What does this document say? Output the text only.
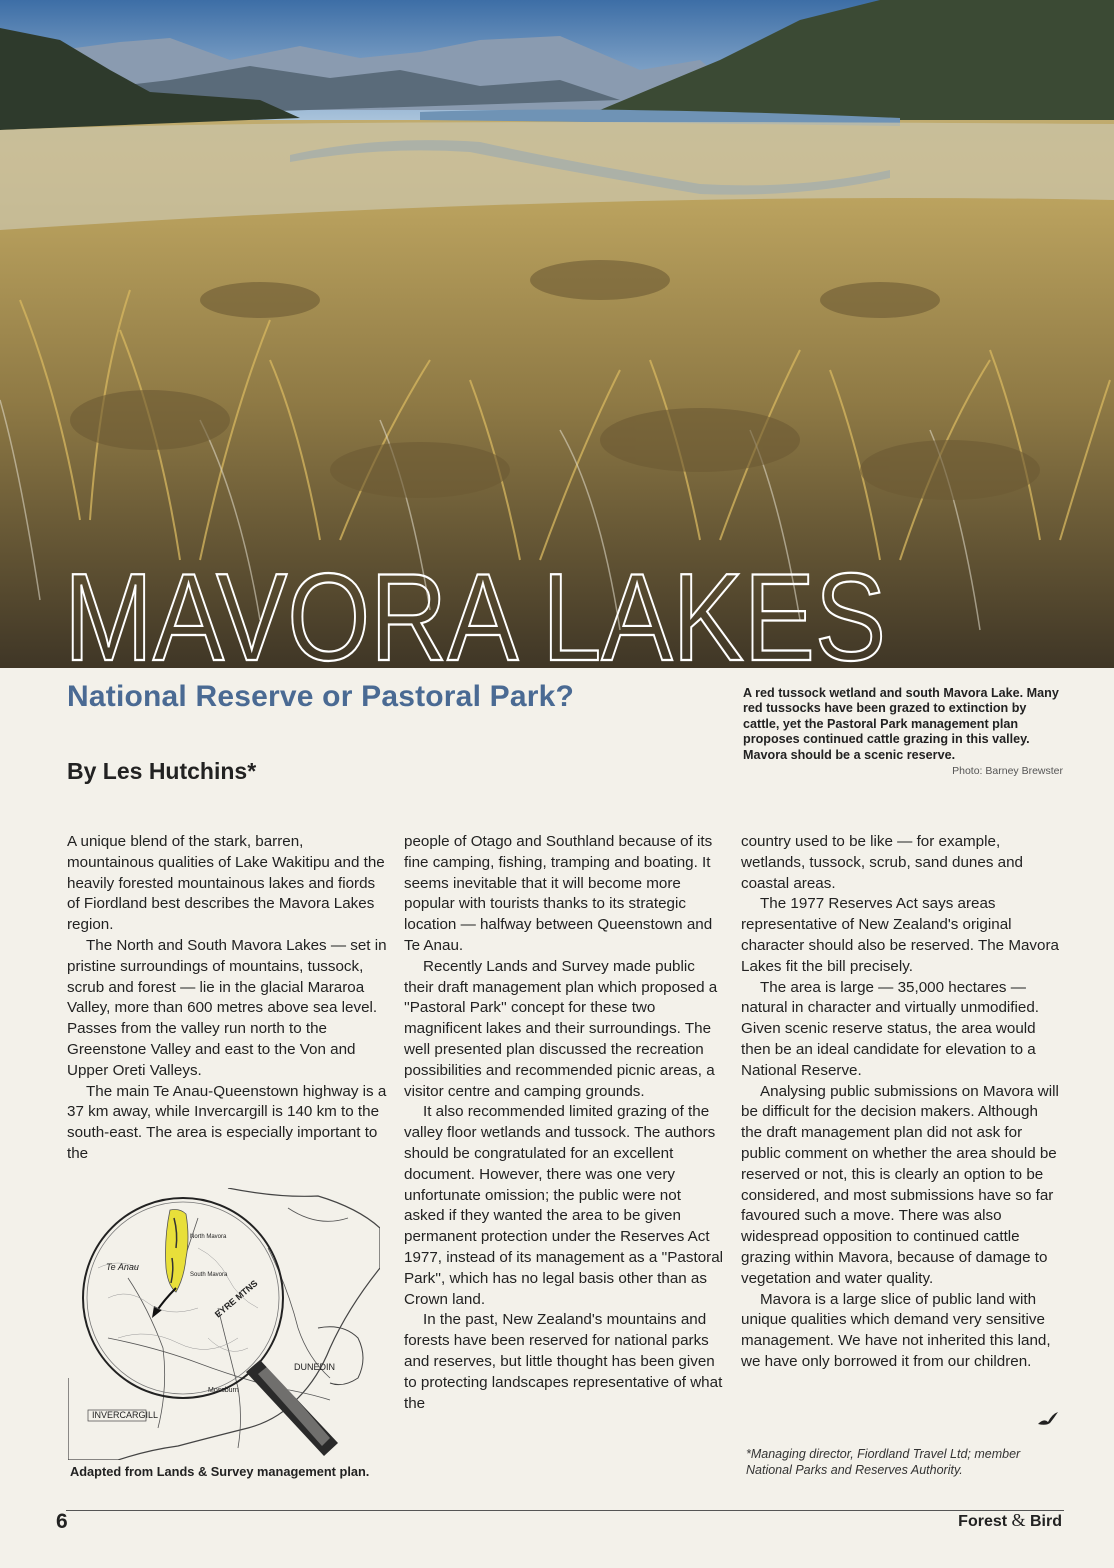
MAVORA LAKES
National Reserve or Pastoral Park?
By Les Hutchins*
A red tussock wetland and south Mavora Lake. Many red tussocks have been grazed to extinction by cattle, yet the Pastoral Park management plan proposes continued cattle grazing in this valley. Mavora should be a scenic reserve.
Photo: Barney Brewster

A unique blend of the stark, barren, mountainous qualities of Lake Wakitipu and the heavily forested mountainous lakes and fiords of Fiordland best describes the Mavora Lakes region.

The North and South Mavora Lakes — set in pristine surroundings of mountains, tussock, scrub and forest — lie in the glacial Mararoa Valley, more than 600 metres above sea level. Passes from the valley run north to the Greenstone Valley and east to the Von and Upper Oreti Valleys.

The main Te Anau-Queenstown highway is a 37 km away, while Invercargill is 140 km to the south-east. The area is especially important to the

Te Anau
North Mavora
South Mavora
EYRE MTNS
DUNEDIN
Mossburn
INVERCARGILL
Adapted from Lands & Survey management plan.

people of Otago and Southland because of its fine camping, fishing, tramping and boating. It seems inevitable that it will become more popular with tourists thanks to its strategic location — halfway between Queenstown and Te Anau.

Recently Lands and Survey made public their draft management plan which proposed a ''Pastoral Park'' concept for these two magnificent lakes and their surroundings. The well presented plan discussed the recreation possibilities and recommended picnic areas, a visitor centre and camping grounds.

It also recommended limited grazing of the valley floor wetlands and tussock. The authors should be congratulated for an excellent document. However, there was one very unfortunate omission; the public were not asked if they wanted the area to be given permanent protection under the Reserves Act 1977, instead of its management as a ''Pastoral Park'', which has no legal basis other than as Crown land.

In the past, New Zealand's mountains and forests have been reserved for national parks and reserves, but little thought has been given to protecting landscapes representative of what the

country used to be like — for example, wetlands, tussock, scrub, sand dunes and coastal areas.

The 1977 Reserves Act says areas representative of New Zealand's original character should also be reserved. The Mavora Lakes fit the bill precisely.

The area is large — 35,000 hectares — natural in character and virtually unmodified. Given scenic reserve status, the area would then be an ideal candidate for elevation to a National Reserve.

Analysing public submissions on Mavora will be difficult for the decision makers. Although the draft management plan did not ask for public comment on whether the area should be reserved or not, this is clearly an option to be considered, and most submissions have so far favoured such a move. There was also widespread opposition to continued cattle grazing within Mavora, because of damage to vegetation and water quality.

Mavora is a large slice of public land with unique qualities which demand very sensitive management. We have not inherited this land, we have only borrowed it from our children.

*Managing director, Fiordland Travel Ltd; member National Parks and Reserves Authority.
6	Forest & Bird
